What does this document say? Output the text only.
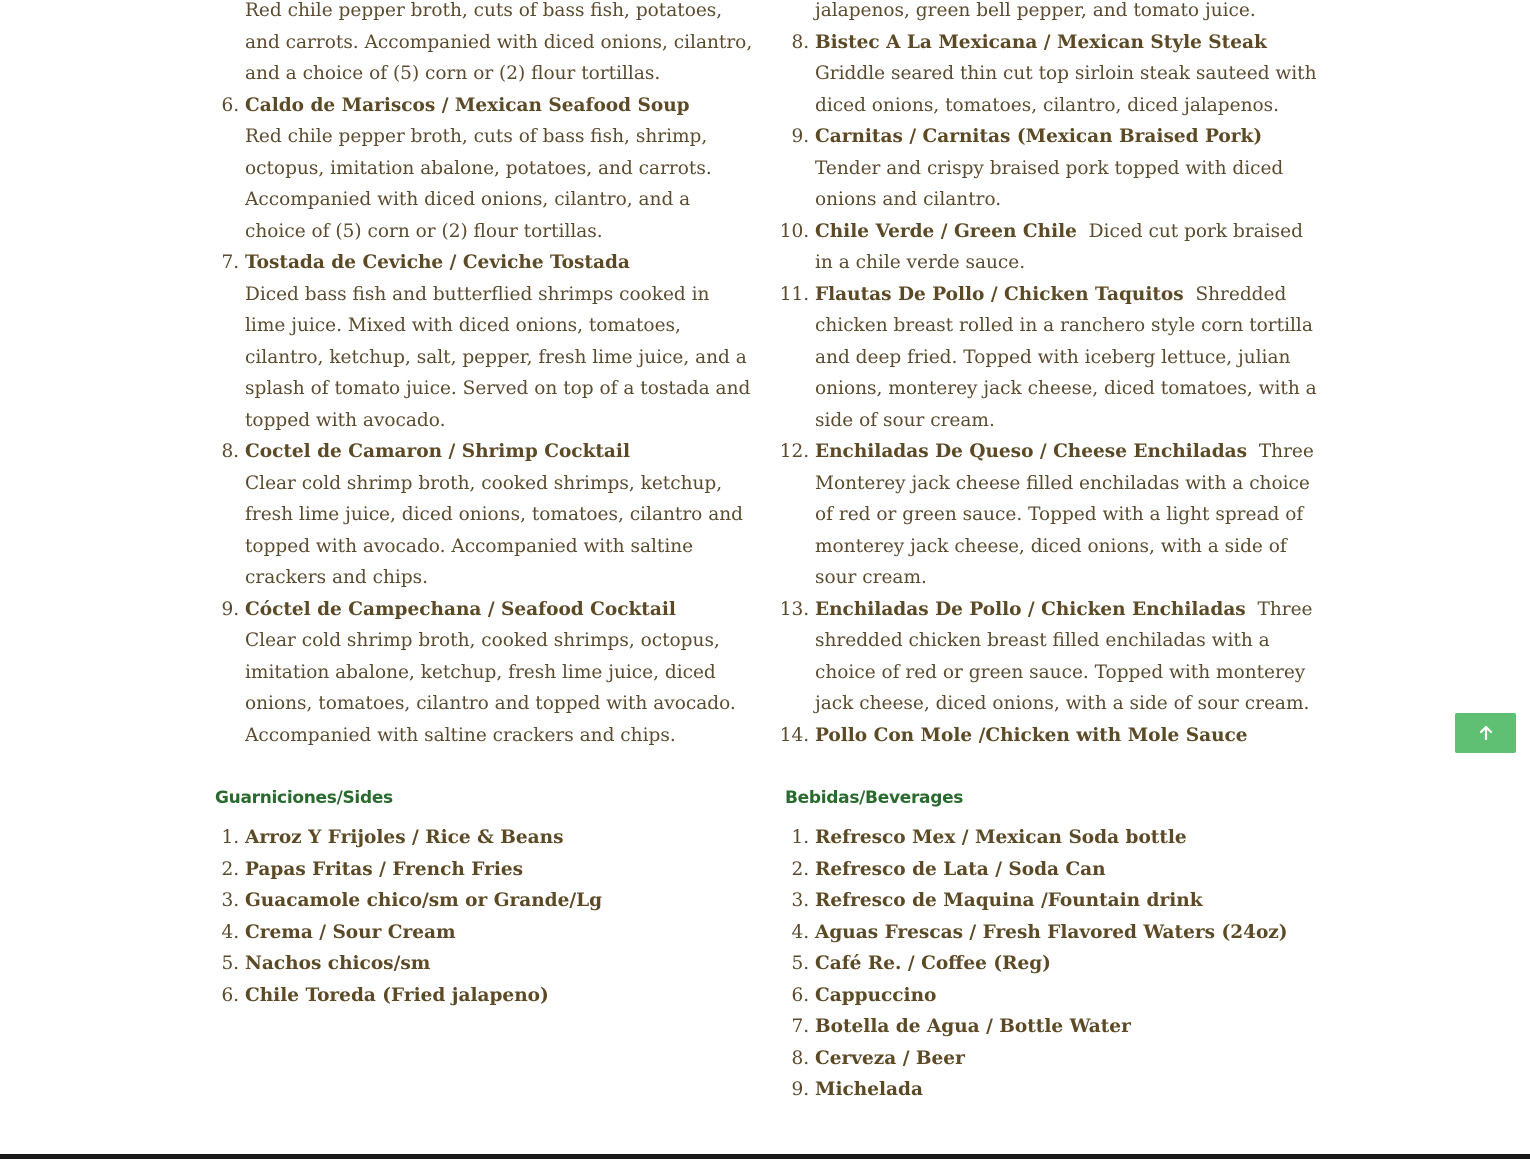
Red chile pepper broth, cuts of bass fish, potatoes, and carrots. Accompanied with diced onions, cilantro, and a choice of (5) corn or (2) flour tortillas.
6. Caldo de Mariscos / Mexican Seafood Soup
Red chile pepper broth, cuts of bass fish, shrimp, octopus, imitation abalone, potatoes, and carrots. Accompanied with diced onions, cilantro, and a choice of (5) corn or (2) flour tortillas.
7. Tostada de Ceviche / Ceviche Tostada
Diced bass fish and butterflied shrimps cooked in lime juice. Mixed with diced onions, tomatoes, cilantro, ketchup, salt, pepper, fresh lime juice, and a splash of tomato juice. Served on top of a tostada and topped with avocado.
8. Coctel de Camaron / Shrimp Cocktail
Clear cold shrimp broth, cooked shrimps, ketchup, fresh lime juice, diced onions, tomatoes, cilantro and topped with avocado. Accompanied with saltine crackers and chips.
9. Cóctel de Campechana / Seafood Cocktail
Clear cold shrimp broth, cooked shrimps, octopus, imitation abalone, ketchup, fresh lime juice, diced onions, tomatoes, cilantro and topped with avocado. Accompanied with saltine crackers and chips.
jalapenos, green bell pepper, and tomato juice.
8. Bistec A La Mexicana / Mexican Style Steak  Griddle seared thin cut top sirloin steak sauteed with diced onions, tomatoes, cilantro, diced jalapenos.
9. Carnitas / Carnitas (Mexican Braised Pork)  Tender and crispy braised pork topped with diced onions and cilantro.
10. Chile Verde / Green Chile Diced cut pork braised in a chile verde sauce.
11. Flautas De Pollo / Chicken Taquitos Shredded chicken breast rolled in a ranchero style corn tortilla and deep fried. Topped with iceberg lettuce, julian onions, monterey jack cheese, diced tomatoes, with a side of sour cream.
12. Enchiladas De Queso / Cheese Enchiladas Three Monterey jack cheese filled enchiladas with a choice of red or green sauce. Topped with a light spread of monterey jack cheese, diced onions, with a side of sour cream.
13. Enchiladas De Pollo / Chicken Enchiladas Three shredded chicken breast filled enchiladas with a choice of red or green sauce. Topped with monterey jack cheese, diced onions, with a side of sour cream.
14. Pollo Con Mole /Chicken with Mole Sauce
Guarniciones/Sides
1. Arroz Y Frijoles / Rice & Beans
2. Papas Fritas / French Fries
3. Guacamole chico/sm or Grande/Lg
4. Crema / Sour Cream
5. Nachos chicos/sm
6. Chile Toreda (Fried jalapeno)
Bebidas/Beverages
1. Refresco Mex / Mexican Soda bottle
2. Refresco de Lata / Soda Can
3. Refresco de Maquina /Fountain drink
4. Aguas Frescas / Fresh Flavored Waters (24oz)
5. Café Re. / Coffee (Reg)
6. Cappuccino
7. Botella de Agua / Bottle Water
8. Cerveza / Beer
9. Michelada
